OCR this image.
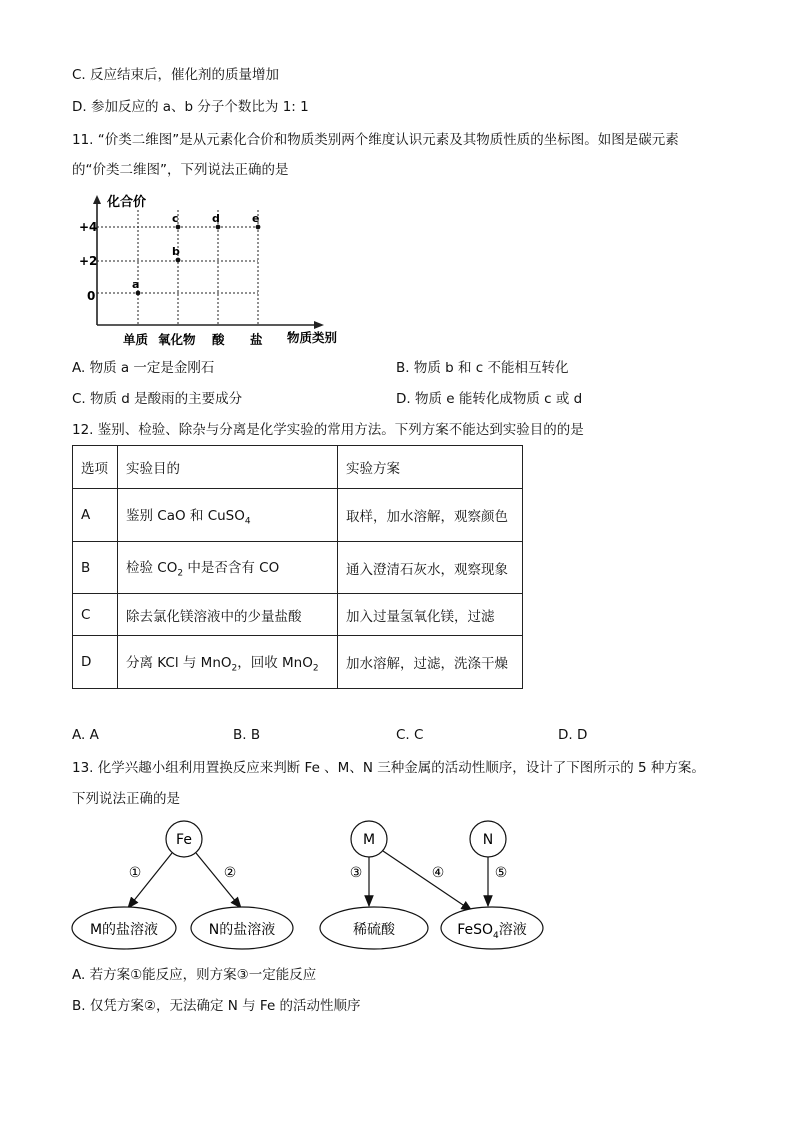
C. 反应结束后，催化剂的质量增加
D. 参加反应的 a、b 分子个数比为 1: 1
11. “价类二维图”是从元素化合价和物质类别两个维度认识元素及其物质性质的坐标图。如图是碳元素
的“价类二维图”，下列说法正确的是
化合价
+4
+2
0
单质 氧化物 酸 盐 物质类别
a
b
c	d	e
A. 物质 a 一定是金刚石	B. 物质 b 和 c 不能相互转化
C. 物质 d 是酸雨的主要成分	D. 物质 e 能转化成物质 c 或 d
12. 鉴别、检验、除杂与分离是化学实验的常用方法。下列方案不能达到实验目的的是
选项	实验目的	实验方案
A	鉴别 CaO 和 CuSO$_4$	取样，加水溶解，观察颜色
B	检验 $CO_2$ 中是否含有 CO	通入澄清石灰水，观察现象
C	除去氯化镁溶液中的少量盐酸	加入过量氢氧化镁，过滤
D	分离 KCl 与 MnO$_2$，回收 MnO$_2$	加水溶解，过滤，洗涤干燥
A. A	B. B	C. C	D. D
13. 化学兴趣小组利用置换反应来判断 Fe 、M、N 三种金属的活动性顺序，设计了下图所示的 5 种方案。
下列说法正确的是
Fe
①	②
M的盐溶液	N的盐溶液
M	N
③	④	⑤
稀硫酸	FeSO$_4$溶液
A. 若方案①能反应，则方案③一定能反应
B. 仅凭方案②，无法确定 N 与 Fe 的活动性顺序
